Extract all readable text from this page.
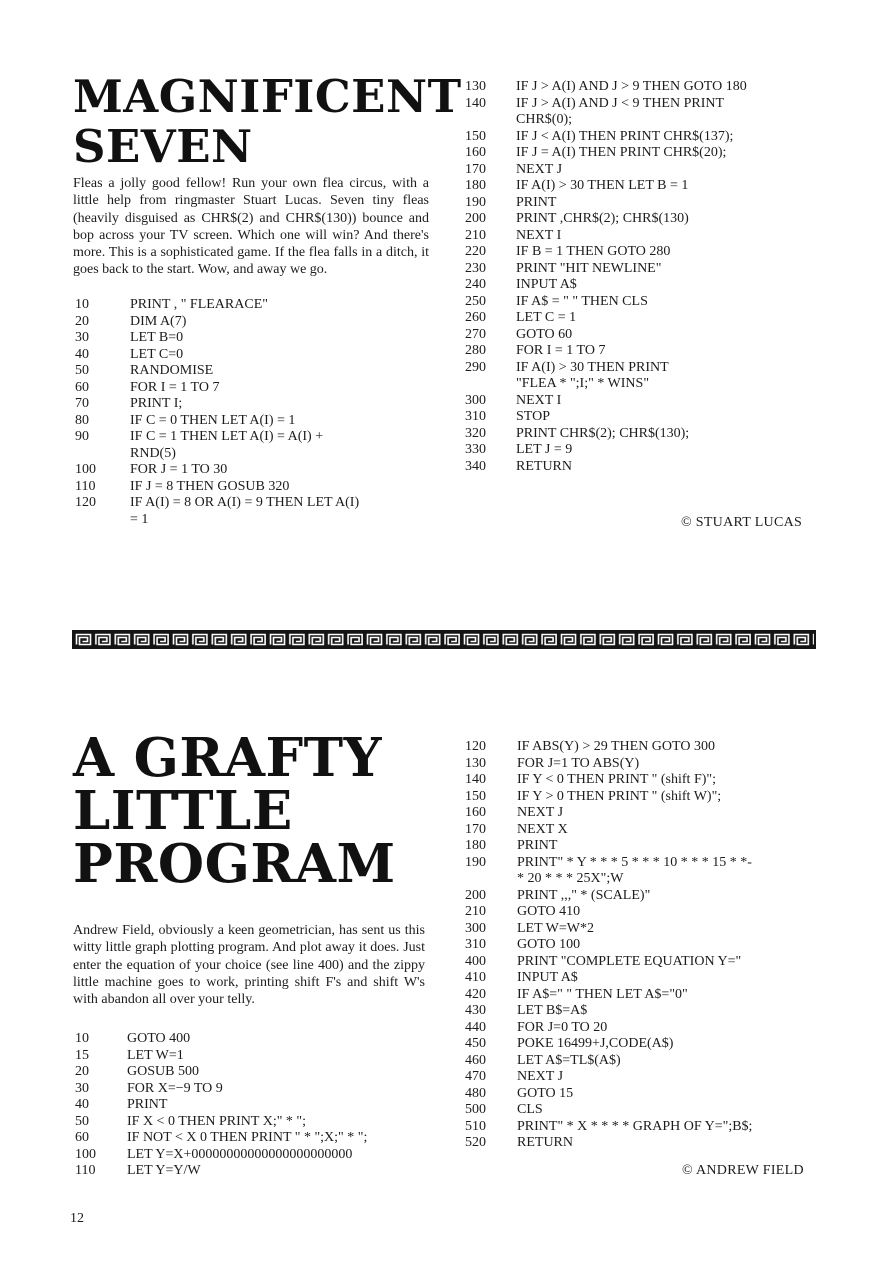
MAGNIFICENT
SEVEN

Fleas a jolly good fellow! Run your own flea circus, with a little help from ringmaster Stuart Lucas. Seven tiny fleas (heavily disguised as CHR$(2) and CHR$(130)) bounce and bop across your TV screen. Which one will win? And there's more. This is a sophisticated game. If the flea falls in a ditch, it goes back to the start. Wow, and away we go.

10	PRINT , " FLEARACE"
20	DIM A(7)
30	LET B=0
40	LET C=0
50	RANDOMISE
60	FOR I = 1 TO 7
70	PRINT I;
80	IF C = 0 THEN LET A(I) = 1
90	IF C = 1 THEN LET A(I) = A(I) +
RND(5)
100	FOR J = 1 TO 30
110	IF J = 8 THEN GOSUB 320
120	IF A(I) = 8 OR A(I) = 9 THEN LET A(I)
= 1
130	IF J > A(I) AND J > 9 THEN GOTO 180
140	IF J > A(I) AND J < 9 THEN PRINT
CHR$(0);
150	IF J < A(I) THEN PRINT CHR$(137);
160	IF J = A(I) THEN PRINT CHR$(20);
170	NEXT J
180	IF A(I) > 30 THEN LET B = 1
190	PRINT
200	PRINT ,CHR$(2); CHR$(130)
210	NEXT I
220	IF B = 1 THEN GOTO 280
230	PRINT "HIT NEWLINE"
240	INPUT A$
250	IF A$ = " " THEN CLS
260	LET C = 1
270	GOTO 60
280	FOR I = 1 TO 7
290	IF A(I) > 30 THEN PRINT
"FLEA * ";I;" * WINS"
300	NEXT I
310	STOP
320	PRINT CHR$(2); CHR$(130);
330	LET J = 9
340	RETURN
© STUART LUCAS
A GRAFTY
LITTLE
PROGRAM

Andrew Field, obviously a keen geometrician, has sent us this witty little graph plotting program. And plot away it does. Just enter the equation of your choice (see line 400) and the zippy little machine goes to work, printing shift F's and shift W's with abandon all over your telly.

10	GOTO 400
15	LET W=1
20	GOSUB 500
30	FOR X=−9 TO 9
40	PRINT
50	IF X < 0 THEN PRINT X;" * ";
60	IF NOT < X 0 THEN PRINT " * ";X;" * ";
100	LET Y=X+00000000000000000000000
110	LET Y=Y/W
120	IF ABS(Y) > 29 THEN GOTO 300
130	FOR J=1 TO ABS(Y)
140	IF Y < 0 THEN PRINT " (shift F)";
150	IF Y > 0 THEN PRINT " (shift W)";
160	NEXT J
170	NEXT X
180	PRINT
190	PRINT" * Y * * * 5 * * * 10 * * * 15 * *-
* 20 * * * 25X";W
200	PRINT ,,," * (SCALE)"
210	GOTO 410
300	LET W=W*2
310	GOTO 100
400	PRINT "COMPLETE EQUATION Y="
410	INPUT A$
420	IF A$=" " THEN LET A$="0"
430	LET B$=A$
440	FOR J=0 TO 20
450	POKE 16499+J,CODE(A$)
460	LET A$=TL$(A$)
470	NEXT J
480	GOTO 15
500	CLS
510	PRINT" * X * * * * GRAPH OF Y=";B$;
520	RETURN
© ANDREW FIELD
12
